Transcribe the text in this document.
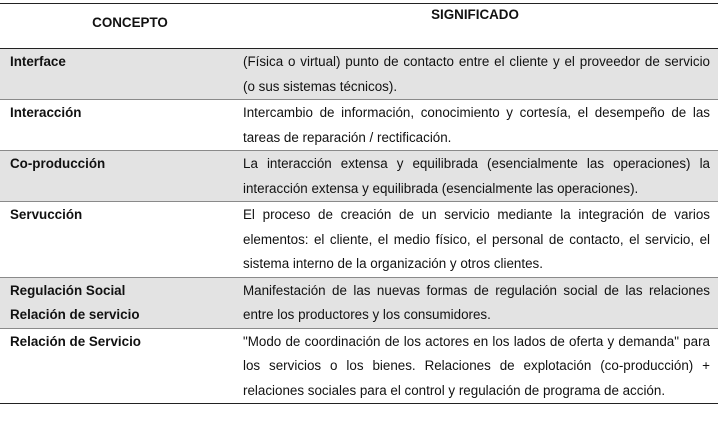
CONCEPTO	SIGNIFICADO

Interface	(Física o virtual) punto de contacto entre el cliente y el proveedor de servicio (o sus sistemas técnicos).

Interacción	Intercambio de información, conocimiento y cortesía, el desempeño de las tareas de reparación / rectificación.

Co-producción	La interacción extensa y equilibrada (esencialmente las operaciones) la interacción extensa y equilibrada (esencialmente las operaciones).

Servucción	El proceso de creación de un servicio mediante la integración de varios elementos: el cliente, el medio físico, el personal de contacto, el servicio, el sistema interno de la organización y otros clientes.

Regulación Social
Relación de servicio	Manifestación de las nuevas formas de regulación social de las relaciones entre los productores y los consumidores.

Relación de Servicio	"Modo de coordinación de los actores en los lados de oferta y demanda" para los servicios o los bienes. Relaciones de explotación (co-producción) + relaciones sociales para el control y regulación de programa de acción.
